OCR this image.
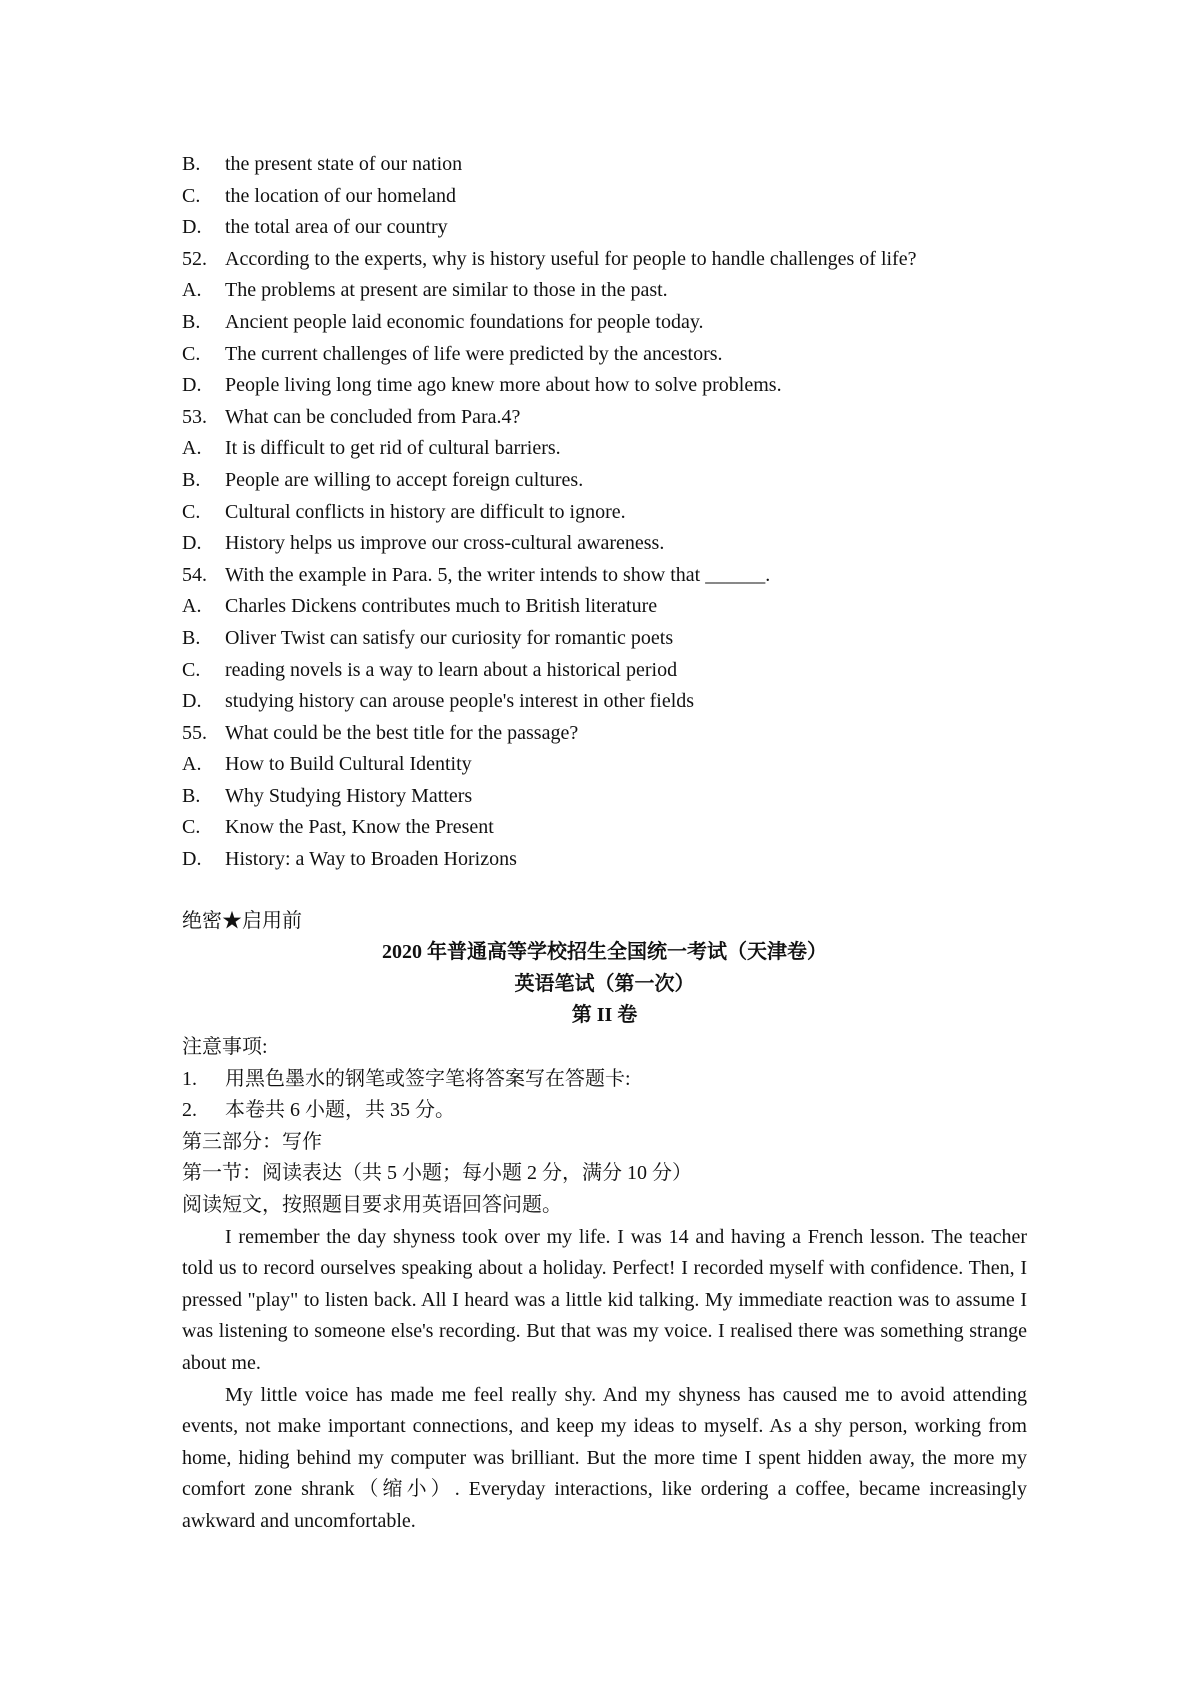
B.	the present state of our nation
C.	the location of our homeland
D.	the total area of our country
52. According to the experts, why is history useful for people to handle challenges of life?
A.	The problems at present are similar to those in the past.
B.	Ancient people laid economic foundations for people today.
C.	The current challenges of life were predicted by the ancestors.
D.	People living long time ago knew more about how to solve problems.
53. What can be concluded from Para.4?
A.	It is difficult to get rid of cultural barriers.
B.	People are willing to accept foreign cultures.
C.	Cultural conflicts in history are difficult to ignore.
D.	History helps us improve our cross-cultural awareness.
54. With the example in Para. 5, the writer intends to show that ______.
A.	Charles Dickens contributes much to British literature
B.	Oliver Twist can satisfy our curiosity for romantic poets
C.	reading novels is a way to learn about a historical period
D.	studying history can arouse people's interest in other fields
55. What could be the best title for the passage?
A.	How to Build Cultural Identity
B.	Why Studying History Matters
C.	Know the Past, Know the Present
D.	History: a Way to Broaden Horizons
绝密★启用前
2020 年普通高等学校招生全国统一考试（天津卷）
英语笔试（第一次）
第 II 卷
注意事项:
1.	用黑色墨水的钢笔或签字笔将答案写在答题卡:
2.	本卷共 6 小题，共 35 分。
第三部分：写作
第一节：阅读表达（共 5 小题；每小题 2 分，满分 10 分）
阅读短文，按照题目要求用英语回答问题。

I remember the day shyness took over my life. I was 14 and having a French lesson. The teacher told us to record ourselves speaking about a holiday. Perfect! I recorded myself with confidence. Then, I pressed "play" to listen back. All I heard was a little kid talking. My immediate reaction was to assume I was listening to someone else's recording. But that was my voice. I realised there was something strange about me.

My little voice has made me feel really shy. And my shyness has caused me to avoid attending events, not make important connections, and keep my ideas to myself. As a shy person, working from home, hiding behind my computer was brilliant. But the more time I spent hidden away, the more my comfort zone shrank（缩小）. Everyday interactions, like ordering a coffee, became increasingly awkward and uncomfortable.
